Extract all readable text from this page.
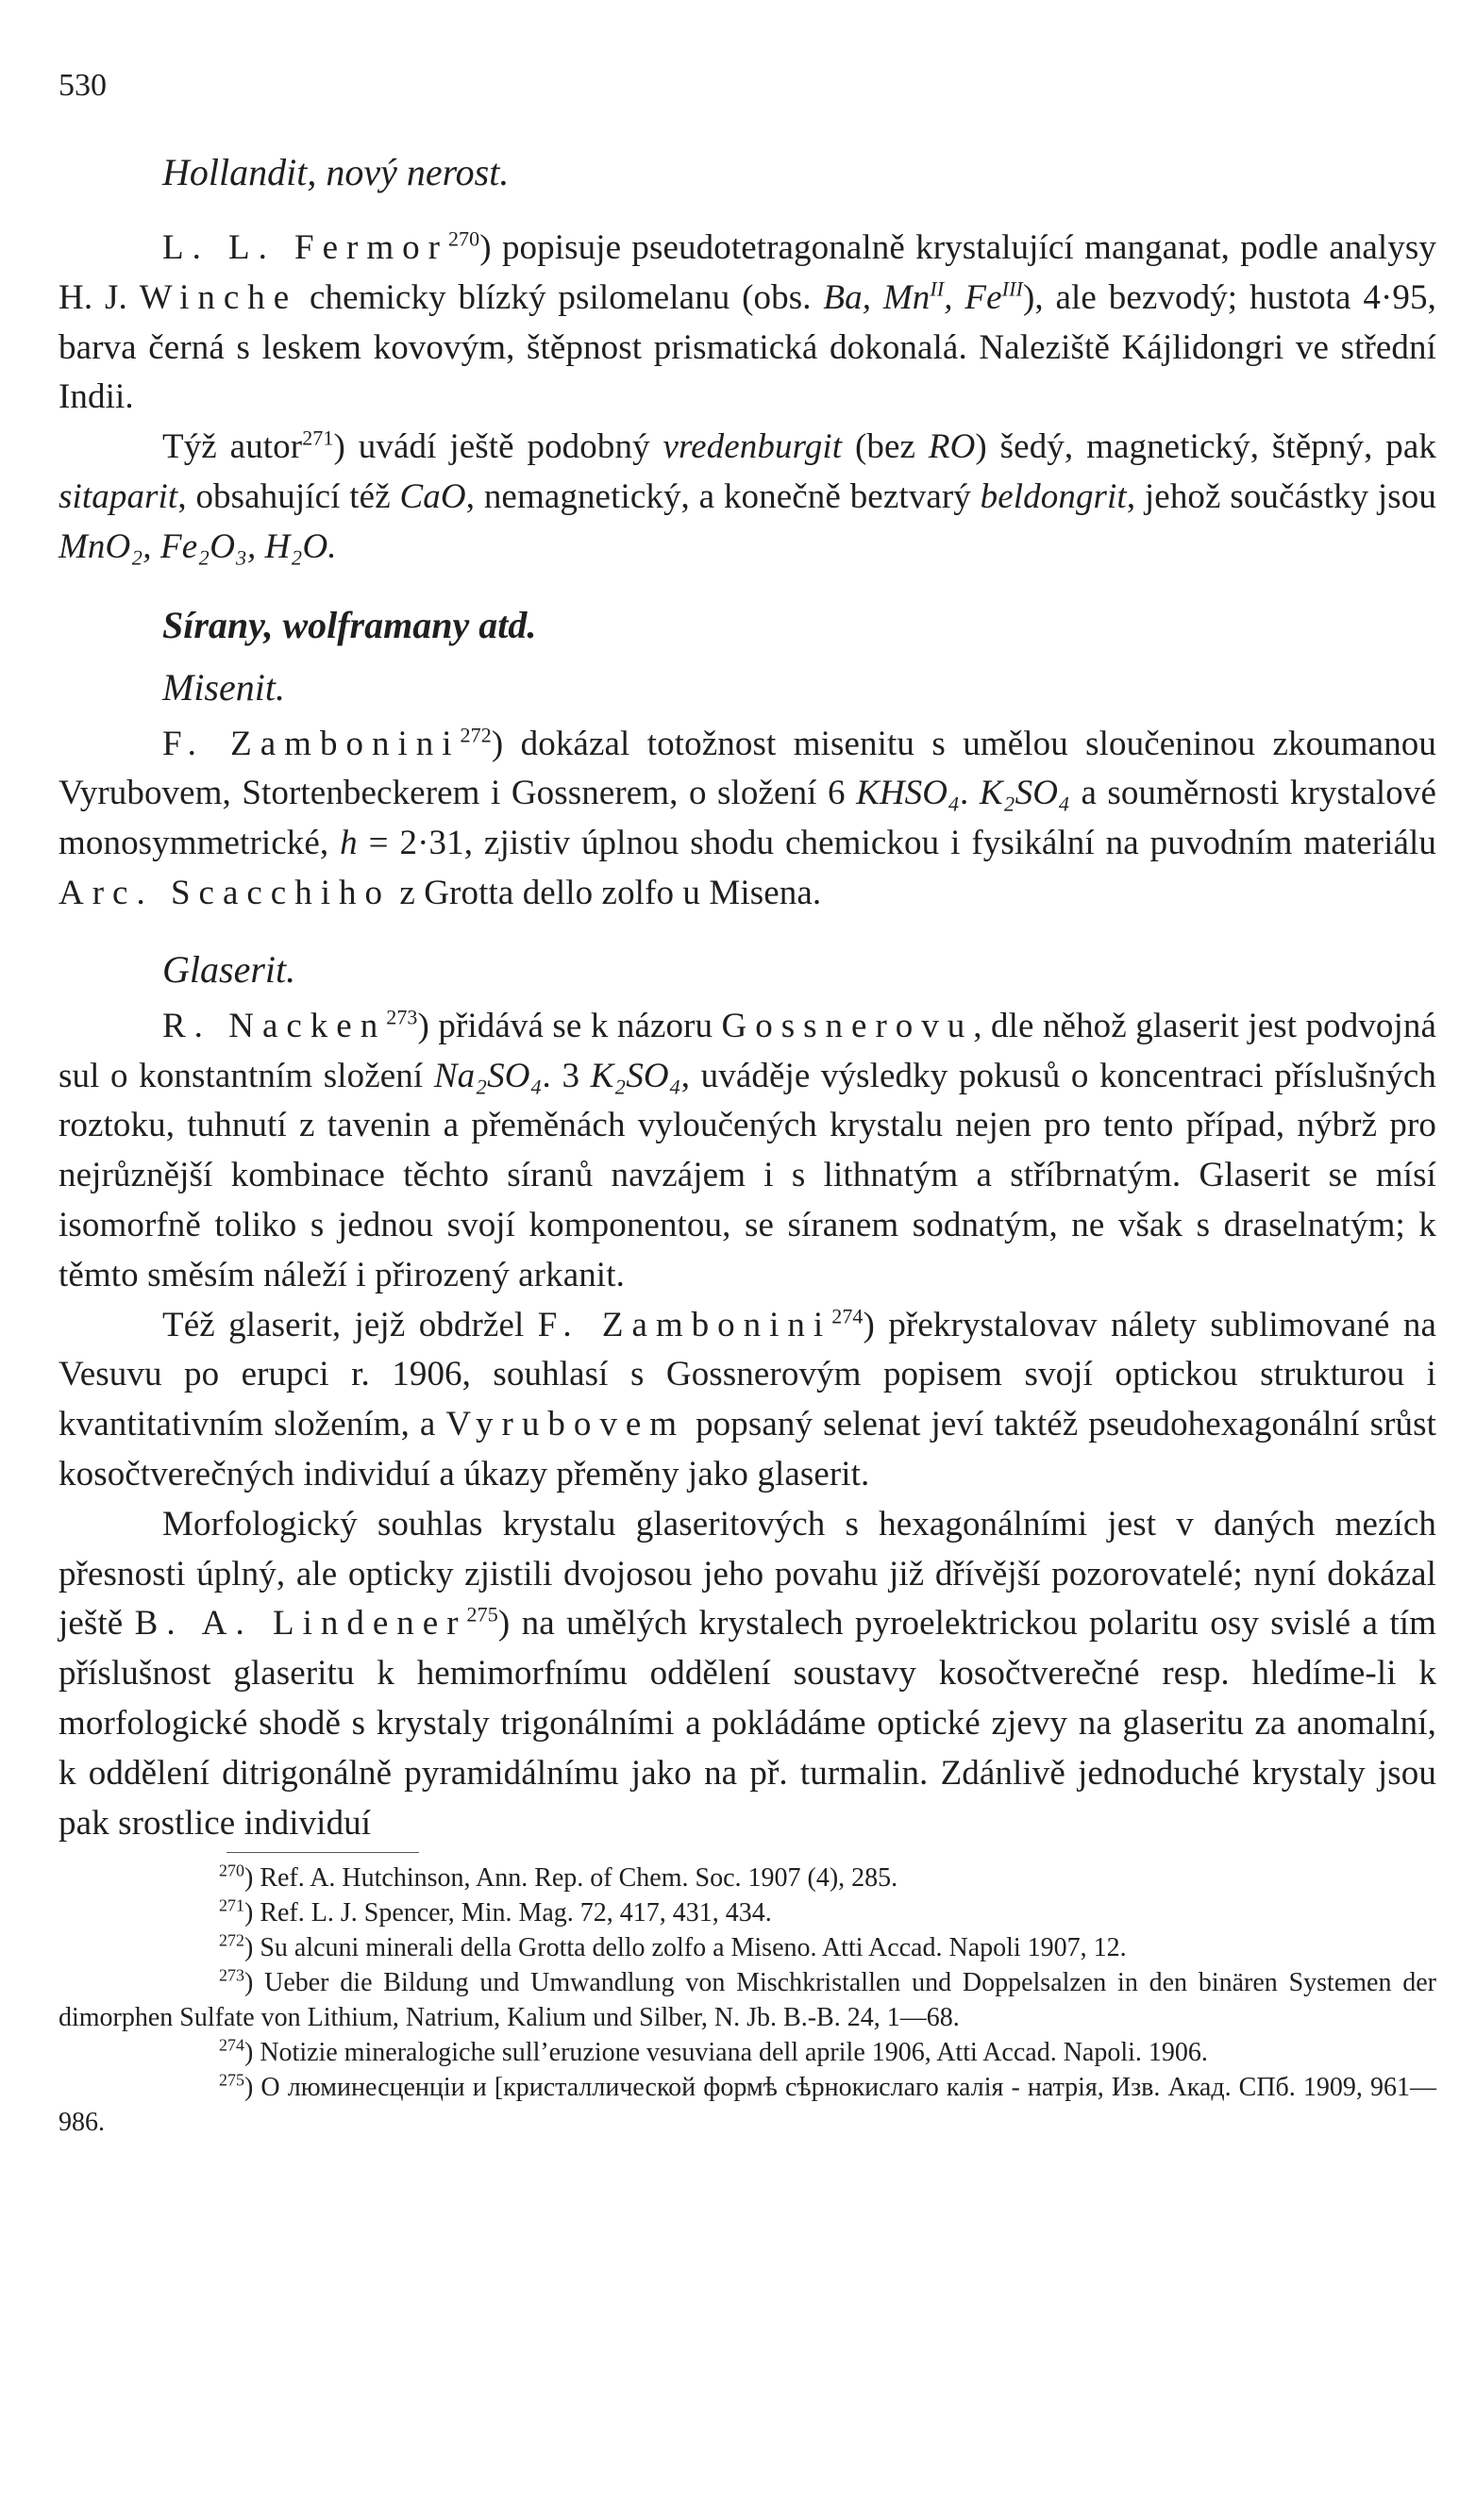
530
Hollandit, nový nerost.

L. L. Fermor$^{270}$) popisuje pseudotetragonalně krystalující manganat, podle analysy H. J. Winche chemicky blízký psilomelanu (obs. Ba, $Mn^{II}$, $Fe^{III}$), ale bezvodý; hustota 4·95, barva černá s leskem kovovým, štěpnost prismatická dokonalá. Naleziště Kájlidongri ve střední Indii.

Týž autor$^{271}$) uvádí ještě podobný vredenburgit (bez RO) šedý, magnetický, štěpný, pak sitaparit, obsahující též CaO, nemagnetický, a konečně beztvarý beldongrit, jehož součástky jsou MnO₂, Fe₂O₃, H₂O.

Sírany, wolframany atd.
Misenit.

F. Zambonini$^{272}$) dokázal totožnost misenitu s umělou sloučeninou zkoumanou Vyrubovem, Stortenbeckerem i Gossnerem, o složení 6 KHSO₄. K₂SO₄ a souměrnosti krystalové monosymmetrické, h = 2·31, zjistiv úplnou shodu chemickou i fysikální na puvodním materiálu Arc. Scacchiho z Grotta dello zolfo u Misena.

Glaserit.

R. Nacken$^{273}$) přidává se k názoru Gossnerovu, dle něhož glaserit jest podvojná sul o konstantním složení Na₂SO₄. 3 K₂SO₄, uváděje výsledky pokusů o koncentraci příslušných roztoku, tuhnutí z tavenin a přeměnách vyloučených krystalu nejen pro tento případ, nýbrž pro nejrůznější kombinace těchto síranů navzájem i s lithnatým a stříbrnatým. Glaserit se mísí isomorfně toliko s jednou svojí komponentou, se síranem sodnatým, ne však s draselnatým; k těmto směsím náleží i přirozený arkanit.

Též glaserit, jejž obdržel F. Zambonini$^{274}$) překrystalovav nálety sublimované na Vesuvu po erupci r. 1906, souhlasí s Gossnerovým popisem svojí optickou strukturou i kvantitativním složením, a Vyrubovem popsaný selenat jeví taktéž pseudohexagonální srůst kosočtverečných individuí a úkazy přeměny jako glaserit.

Morfologický souhlas krystalu glaseritových s hexagonálními jest v daných mezích přesnosti úplný, ale opticky zjistili dvojosou jeho povahu již dřívější pozorovatelé; nyní dokázal ještě B. A. Lindener$^{275}$) na umělých krystalech pyroelektrickou polaritu osy svislé a tím příslušnost glaseritu k hemimorfnímu oddělení soustavy kosočtverečné resp. hledíme-li k morfologické shodě s krystaly trigonálními a pokládáme optické zjevy na glaseritu za anomalní, k oddělení ditrigonálně pyramidálnímu jako na př. turmalin. Zdánlivě jednoduché krystaly jsou pak srostlice individuí

$^{270}$) Ref. A. Hutchinson, Ann. Rep. of Chem. Soc. 1907 (4), 285.
$^{271}$) Ref. L. J. Spencer, Min. Mag. 72, 417, 431, 434.
$^{272}$) Su alcuni minerali della Grotta dello zolfo a Miseno. Atti Accad. Napoli 1907, 12.
$^{273}$) Ueber die Bildung und Umwandlung von Mischkristallen und Doppelsalzen in den binären Systemen der dimorphen Sulfate von Lithium, Natrium, Kalium und Silber, N. Jb. B.-B. 24, 1—68.
$^{274}$) Notizie mineralogiche sull’eruzione vesuviana dell aprile 1906, Atti Accad. Napoli. 1906.
$^{275}$) О люминесценціи и [кристаллической формѣ сѣрнокислаго калія - натрія, Изв. Акад. СПб. 1909, 961—986.
